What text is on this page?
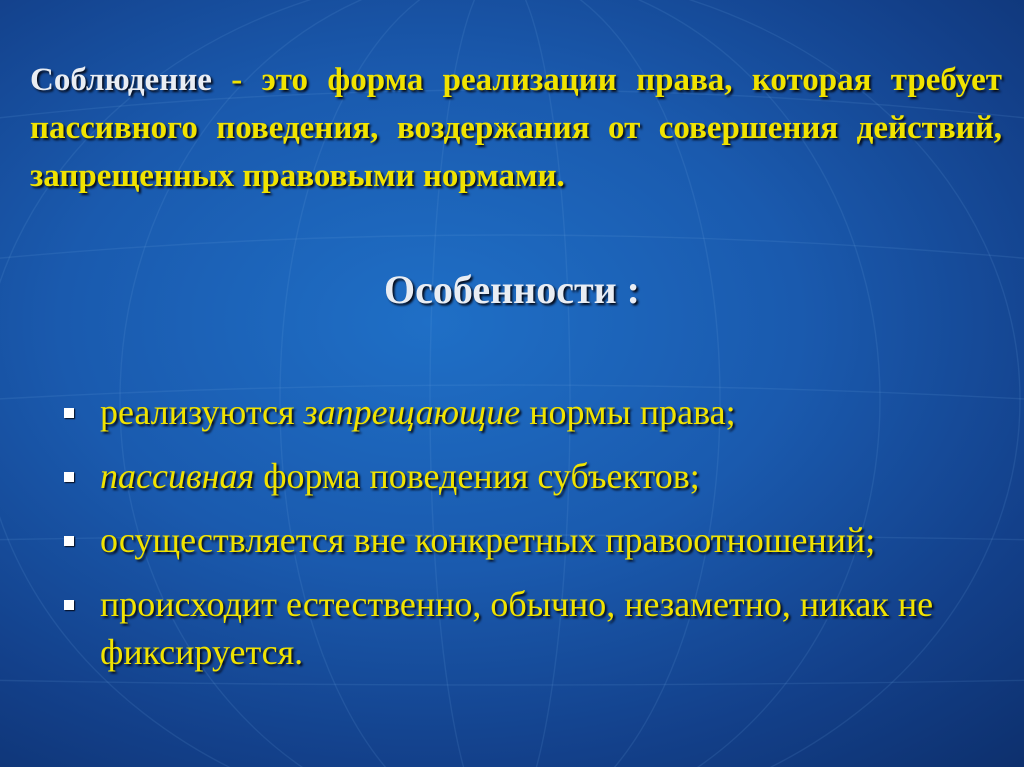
Соблюдение - это форма реализации права, которая требует пассивного поведения, воздержания от совершения действий, запрещенных правовыми нормами.

Особенности :
реализуются запрещающие нормы права;
пассивная форма поведения субъектов;
осуществляется вне конкретных правоотношений;
происходит естественно, обычно, незаметно, никак не фиксируется.
